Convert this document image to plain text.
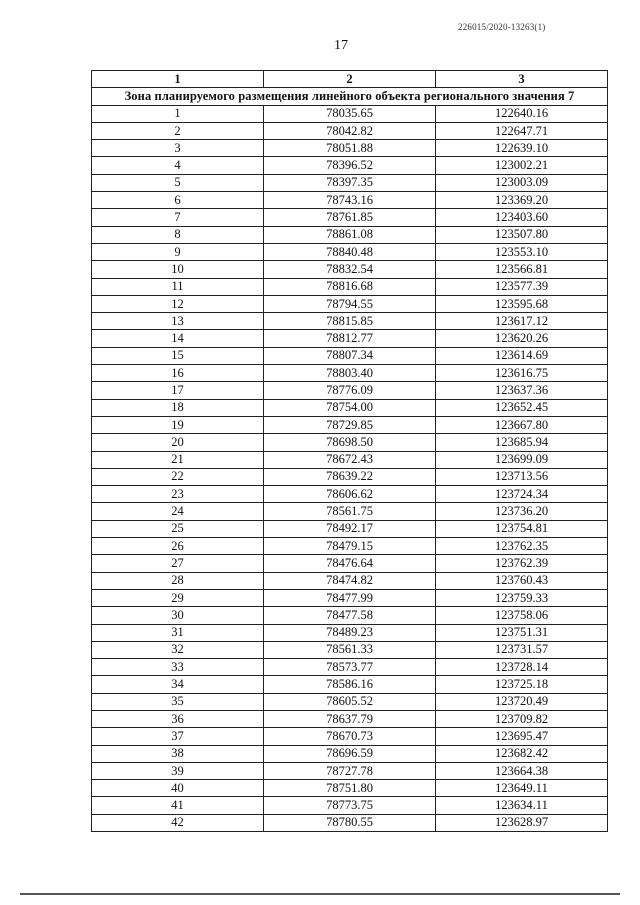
226015/2020-13263(1)
17
1	2	3
Зона планируемого размещения линейного объекта регионального значения 7		
1	78035.65	122640.16
2	78042.82	122647.71
3	78051.88	122639.10
4	78396.52	123002.21
5	78397.35	123003.09
6	78743.16	123369.20
7	78761.85	123403.60
8	78861.08	123507.80
9	78840.48	123553.10
10	78832.54	123566.81
11	78816.68	123577.39
12	78794.55	123595.68
13	78815.85	123617.12
14	78812.77	123620.26
15	78807.34	123614.69
16	78803.40	123616.75
17	78776.09	123637.36
18	78754.00	123652.45
19	78729.85	123667.80
20	78698.50	123685.94
21	78672.43	123699.09
22	78639.22	123713.56
23	78606.62	123724.34
24	78561.75	123736.20
25	78492.17	123754.81
26	78479.15	123762.35
27	78476.64	123762.39
28	78474.82	123760.43
29	78477.99	123759.33
30	78477.58	123758.06
31	78489.23	123751.31
32	78561.33	123731.57
33	78573.77	123728.14
34	78586.16	123725.18
35	78605.52	123720.49
36	78637.79	123709.82
37	78670.73	123695.47
38	78696.59	123682.42
39	78727.78	123664.38
40	78751.80	123649.11
41	78773.75	123634.11
42	78780.55	123628.97
